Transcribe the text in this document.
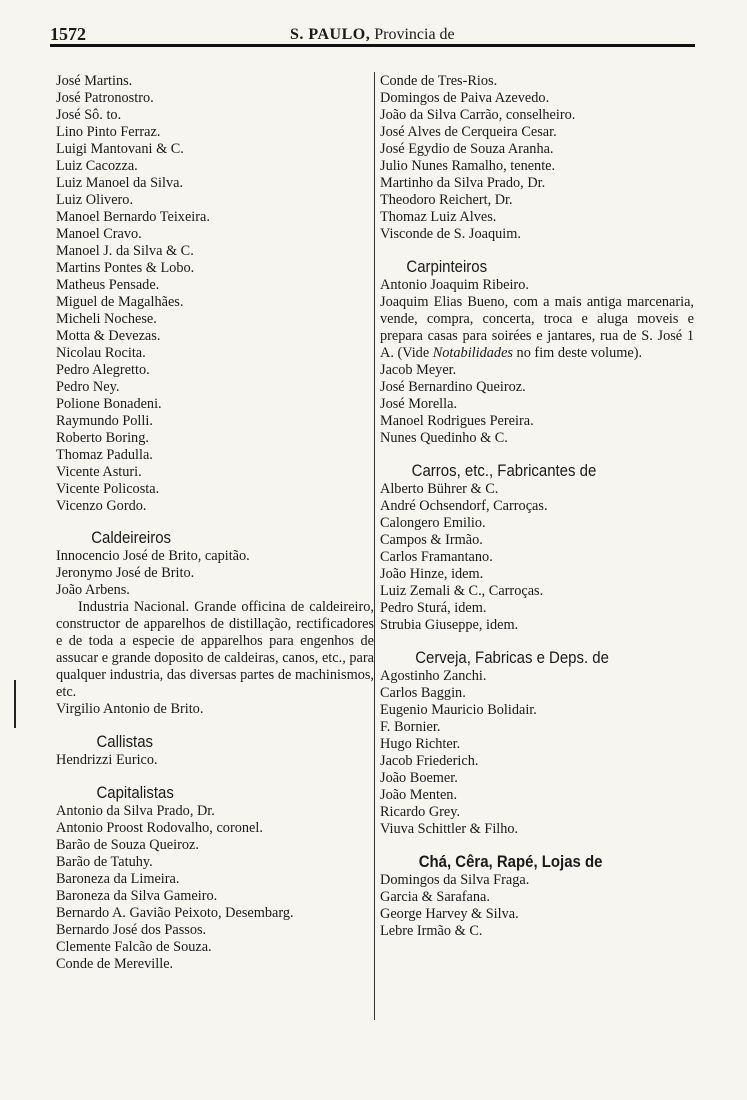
1572	S. PAULO, Provincia de
José Martins.
José Patronostro.
José Sô. to.
Lino Pinto Ferraz.
Luigi Mantovani & C.
Luiz Cacozza.
Luiz Manoel da Silva.
Luiz Olivero.
Manoel Bernardo Teixeira.
Manoel Cravo.
Manoel J. da Silva & C.
Martins Pontes & Lobo.
Matheus Pensade.
Miguel de Magalhães.
Micheli Nochese.
Motta & Devezas.
Nicolau Rocita.
Pedro Alegretto.
Pedro Ney.
Polione Bonadeni.
Raymundo Polli.
Roberto Boring.
Thomaz Padulla.
Vicente Asturi.
Vicente Policosta.
Vicenzo Gordo.
Caldeireiros
Innocencio José de Brito, capitão.
Jeronymo José de Brito.
João Arbens.
Industria Nacional. Grande officina de caldeireiro, constructor de apparelhos de distillação, rectificadores e de toda a especie de apparelhos para engenhos de assucar e grande doposito de caldeiras, canos, etc., para qualquer industria, das diversas partes de machinismos, etc.
Virgilio Antonio de Brito.
Callistas
Hendrizzi Eurico.
Capitalistas
Antonio da Silva Prado, Dr.
Antonio Proost Rodovalho, coronel.
Barão de Souza Queiroz.
Barão de Tatuhy.
Baroneza da Limeira.
Baroneza da Silva Gameiro.
Bernardo A. Gavião Peixoto, Desembarg.
Bernardo José dos Passos.
Clemente Falcão de Souza.
Conde de Mereville.
Conde de Tres-Rios.
Domingos de Paiva Azevedo.
João da Silva Carrão, conselheiro.
José Alves de Cerqueira Cesar.
José Egydio de Souza Aranha.
Julio Nunes Ramalho, tenente.
Martinho da Silva Prado, Dr.
Theodoro Reichert, Dr.
Thomaz Luiz Alves.
Visconde de S. Joaquim.
Carpinteiros
Antonio Joaquim Ribeiro.
Joaquim Elias Bueno, com a mais antiga marcenaria, vende, compra, concerta, troca e aluga moveis e prepara casas para soirées e jantares, rua de S. José 1 A. (Vide Notabilidades no fim deste volume).
Jacob Meyer.
José Bernardino Queiroz.
José Morella.
Manoel Rodrigues Pereira.
Nunes Quedinho & C.
Carros, etc., Fabricantes de
Alberto Bührer & C.
André Ochsendorf, Carroças.
Calongero Emilio.
Campos & Irmão.
Carlos Framantano.
João Hinze, idem.
Luiz Zemali & C., Carroças.
Pedro Sturá, idem.
Strubia Giuseppe, idem.
Cerveja, Fabricas e Deps. de
Agostinho Zanchi.
Carlos Baggin.
Eugenio Mauricio Bolidair.
F. Bornier.
Hugo Richter.
Jacob Friederich.
João Boemer.
João Menten.
Ricardo Grey.
Viuva Schittler & Filho.
Chá, Cêra, Rapé, Lojas de
Domingos da Silva Fraga.
Garcia & Sarafana.
George Harvey & Silva.
Lebre Irmão & C.
